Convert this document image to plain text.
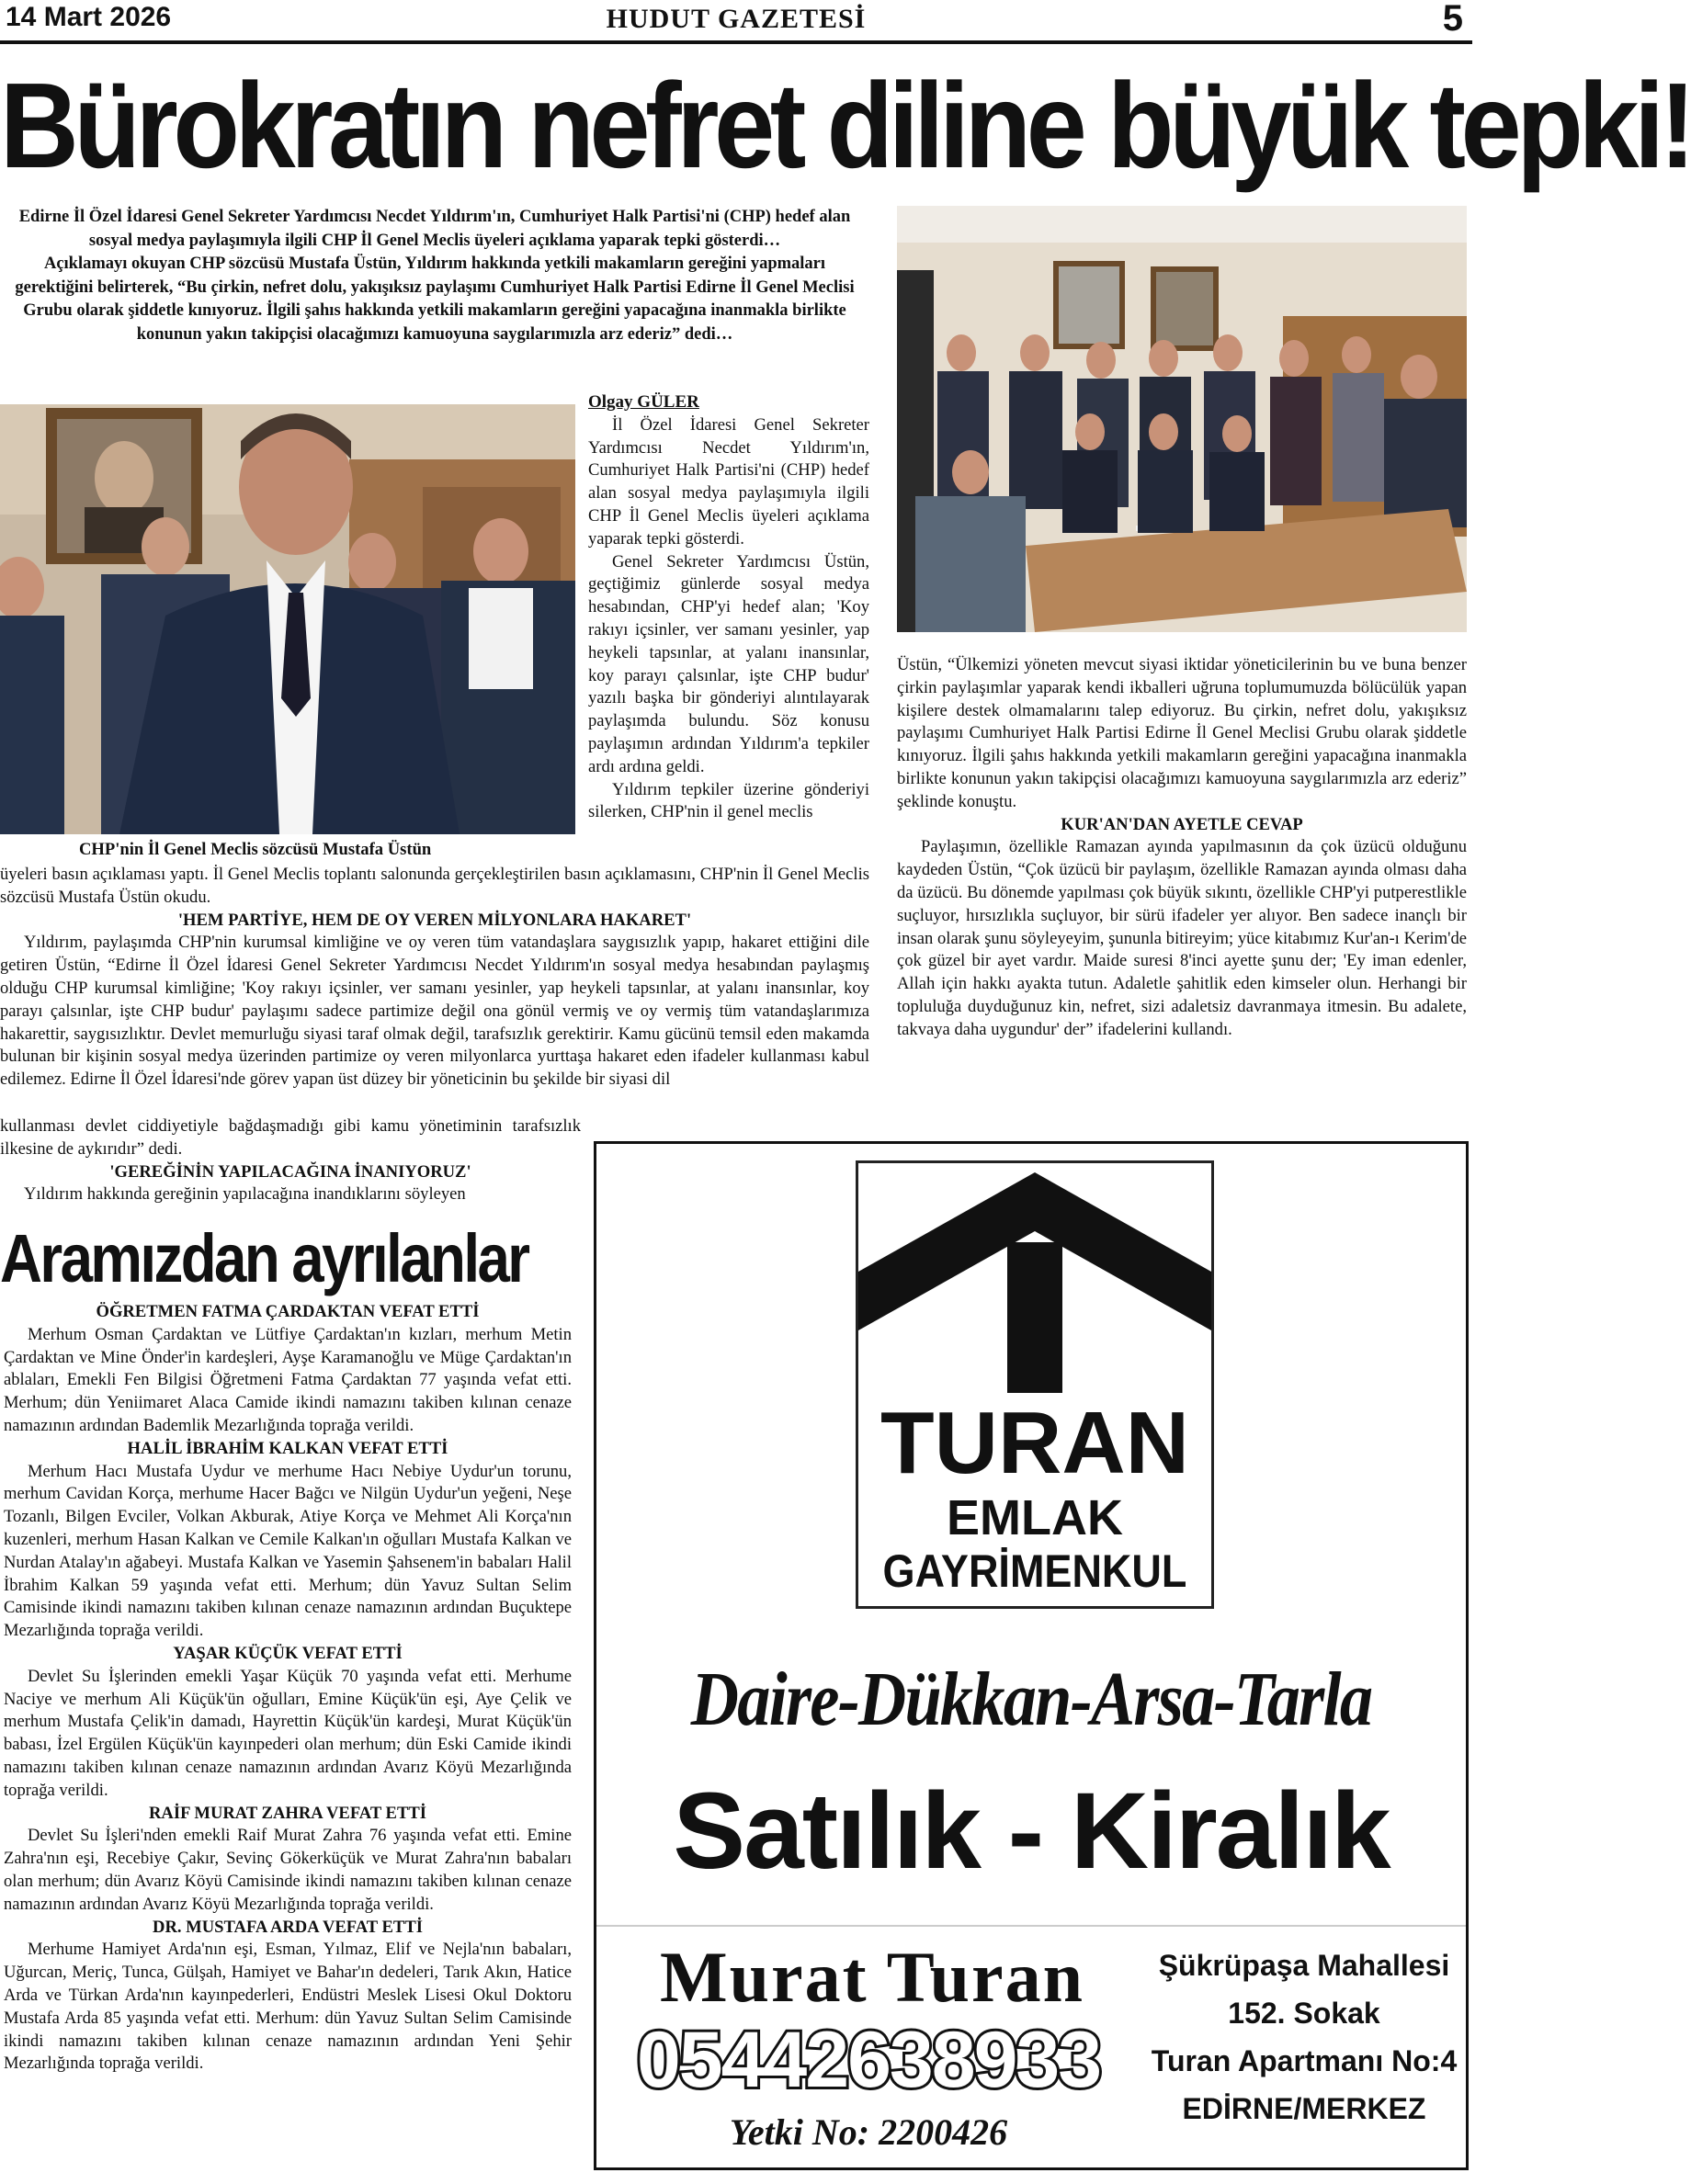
14 Mart 2026	HUDUT GAZETESİ	5
Bürokratın nefret diline büyük tepki!

Edirne İl Özel İdaresi Genel Sekreter Yardımcısı Necdet Yıldırım'ın, Cumhuriyet Halk Partisi'ni (CHP) hedef alan sosyal medya paylaşımıyla ilgili CHP İl Genel Meclis üyeleri açıklama yaparak tepki gösterdi…

Açıklamayı okuyan CHP sözcüsü Mustafa Üstün, Yıldırım hakkında yetkili makamların gereğini yapmaları gerektiğini belirterek, “Bu çirkin, nefret dolu, yakışıksız paylaşımı Cumhuriyet Halk Partisi Edirne İl Genel Meclisi Grubu olarak şiddetle kınıyoruz. İlgili şahıs hakkında yetkili makamların gereğini yapacağına inanmakla birlikte konunun yakın takipçisi olacağımızı kamuoyuna saygılarımızla arz ederiz” dedi…

Olgay GÜLER

İl Özel İdaresi Genel Sekreter Yardımcısı Necdet Yıldırım'ın, Cumhuriyet Halk Partisi'ni (CHP) hedef alan sosyal medya paylaşımıyla ilgili CHP İl Genel Meclis üyeleri açıklama yaparak tepki gösterdi.

Genel Sekreter Yardımcısı Üstün, geçtiğimiz günlerde sosyal medya hesabından, CHP'yi hedef alan; 'Koy rakıyı içsinler, ver samanı yesinler, yap heykeli tapsınlar, at yalanı inansınlar, koy parayı çalsınlar, işte CHP budur' yazılı başka bir gönderiyi alıntılayarak paylaşımda bulundu. Söz konusu paylaşımın ardından Yıldırım'a tepkiler ardı ardına geldi.

Yıldırım tepkiler üzerine gönderiyi silerken, CHP'nin il genel meclis

CHP'nin İl Genel Meclis sözcüsü Mustafa Üstün

üyeleri basın açıklaması yaptı. İl Genel Meclis toplantı salonunda gerçekleştirilen basın açıklamasını, CHP'nin İl Genel Meclis sözcüsü Mustafa Üstün okudu.

'HEM PARTİYE, HEM DE OY VEREN MİLYONLARA HAKARET'

Yıldırım, paylaşımda CHP'nin kurumsal kimliğine ve oy veren tüm vatandaşlara saygısızlık yapıp, hakaret ettiğini dile getiren Üstün, “Edirne İl Özel İdaresi Genel Sekreter Yardımcısı Necdet Yıldırım'ın sosyal medya hesabından paylaşmış olduğu CHP kurumsal kimliğine; 'Koy rakıyı içsinler, ver samanı yesinler, yap heykeli tapsınlar, at yalanı inansınlar, koy parayı çalsınlar, işte CHP budur' paylaşımı sadece partimize değil ona gönül vermiş ve oy vermiş tüm vatandaşlarımıza hakarettir, saygısızlıktır. Devlet memurluğu siyasi taraf olmak değil, tarafsızlık gerektirir. Kamu gücünü temsil eden makamda bulunan bir kişinin sosyal medya üzerinden partimize oy veren milyonlarca yurttaşa hakaret eden ifadeler kullanması kabul edilemez. Edirne İl Özel İdaresi'nde görev yapan üst düzey bir yöneticinin bu şekilde bir siyasi dil

kullanması devlet ciddiyetiyle bağdaşmadığı gibi kamu yönetiminin tarafsızlık ilkesine de aykırıdır” dedi.

'GEREĞİNİN YAPILACAĞINA İNANIYORUZ'

Yıldırım hakkında gereğinin yapılacağına inandıklarını söyleyen

Üstün, “Ülkemizi yöneten mevcut siyasi iktidar yöneticilerinin bu ve buna benzer çirkin paylaşımlar yaparak kendi ikballeri uğruna toplumumuzda bölücülük yapan kişilere destek olmamalarını talep ediyoruz. Bu çirkin, nefret dolu, yakışıksız paylaşımı Cumhuriyet Halk Partisi Edirne İl Genel Meclisi Grubu olarak şiddetle kınıyoruz. İlgili şahıs hakkında yetkili makamların gereğini yapacağına inanmakla birlikte konunun yakın takipçisi olacağımızı kamuoyuna saygılarımızla arz ederiz” şeklinde konuştu.

KUR'AN'DAN AYETLE CEVAP

Paylaşımın, özellikle Ramazan ayında yapılmasının da çok üzücü olduğunu kaydeden Üstün, “Çok üzücü bir paylaşım, özellikle Ramazan ayında olması daha da üzücü. Bu dönemde yapılması çok büyük sıkıntı, özellikle CHP'yi putperestlikle suçluyor, hırsızlıkla suçluyor, bir sürü ifadeler yer alıyor. Ben sadece inançlı bir insan olarak şunu söyleyeyim, şununla bitireyim; yüce kitabımız Kur'an-ı Kerim'de çok güzel bir ayet vardır. Maide suresi 8'inci ayette şunu der; 'Ey iman edenler, Allah için hakkı ayakta tutun. Adaletle şahitlik eden kimseler olun. Herhangi bir topluluğa duyduğunuz kin, nefret, sizi adaletsiz davranmaya itmesin. Bu adalete, takvaya daha uygundur' der” ifadelerini kullandı.

Aramızdan ayrılanlar
ÖĞRETMEN FATMA ÇARDAKTAN VEFAT ETTİ

Merhum Osman Çardaktan ve Lütfiye Çardaktan'ın kızları, merhum Metin Çardaktan ve Mine Önder'in kardeşleri, Ayşe Karamanoğlu ve Müge Çardaktan'ın ablaları, Emekli Fen Bilgisi Öğretmeni Fatma Çardaktan 77 yaşında vefat etti. Merhum; dün Yeniimaret Alaca Camide ikindi namazını takiben kılınan cenaze namazının ardından Bademlik Mezarlığında toprağa verildi.

HALİL İBRAHİM KALKAN VEFAT ETTİ

Merhum Hacı Mustafa Uydur ve merhume Hacı Nebiye Uydur'un torunu, merhum Cavidan Korça, merhume Hacer Bağcı ve Nilgün Uydur'un yeğeni, Neşe Tozanlı, Bilgen Evciler, Volkan Akburak, Atiye Korça ve Mehmet Ali Korça'nın kuzenleri, merhum Hasan Kalkan ve Cemile Kalkan'ın oğulları Mustafa Kalkan ve Nurdan Atalay'ın ağabeyi. Mustafa Kalkan ve Yasemin Şahsenem'in babaları Halil İbrahim Kalkan 59 yaşında vefat etti. Merhum; dün Yavuz Sultan Selim Camisinde ikindi namazını takiben kılınan cenaze namazının ardından Buçuktepe Mezarlığında toprağa verildi.

YAŞAR KÜÇÜK VEFAT ETTİ

Devlet Su İşlerinden emekli Yaşar Küçük 70 yaşında vefat etti. Merhume Naciye ve merhum Ali Küçük'ün oğulları, Emine Küçük'ün eşi, Aye Çelik ve merhum Mustafa Çelik'in damadı, Hayrettin Küçük'ün kardeşi, Murat Küçük'ün babası, İzel Ergülen Küçük'ün kayınpederi olan merhum; dün Eski Camide ikindi namazını takiben kılınan cenaze namazının ardından Avarız Köyü Mezarlığında toprağa verildi.

RAİF MURAT ZAHRA VEFAT ETTİ

Devlet Su İşleri'nden emekli Raif Murat Zahra 76 yaşında vefat etti. Emine Zahra'nın eşi, Recebiye Çakır, Sevinç Gökerküçük ve Murat Zahra'nın babaları olan merhum; dün Avarız Köyü Camisinde ikindi namazını takiben kılınan cenaze namazının ardından Avarız Köyü Mezarlığında toprağa verildi.

DR. MUSTAFA ARDA VEFAT ETTİ

Merhume Hamiyet Arda'nın eşi, Esman, Yılmaz, Elif ve Nejla'nın babaları, Uğurcan, Meriç, Tunca, Gülşah, Hamiyet ve Bahar'ın dedeleri, Tarık Akın, Hatice Arda ve Türkan Arda'nın kayınpederleri, Endüstri Meslek Lisesi Okul Doktoru Mustafa Arda 85 yaşında vefat etti. Merhum: dün Yavuz Sultan Selim Camisinde ikindi namazını takiben kılınan cenaze namazının ardından Yeni Şehir Mezarlığında toprağa verildi.

TURAN
EMLAK
GAYRİMENKUL
Daire-Dükkan-Arsa-Tarla
Satılık - Kiralık
Murat Turan
05442638933
Yetki No: 2200426
Şükrüpaşa Mahallesi
152. Sokak
Turan Apartmanı No:4
EDİRNE/MERKEZ
